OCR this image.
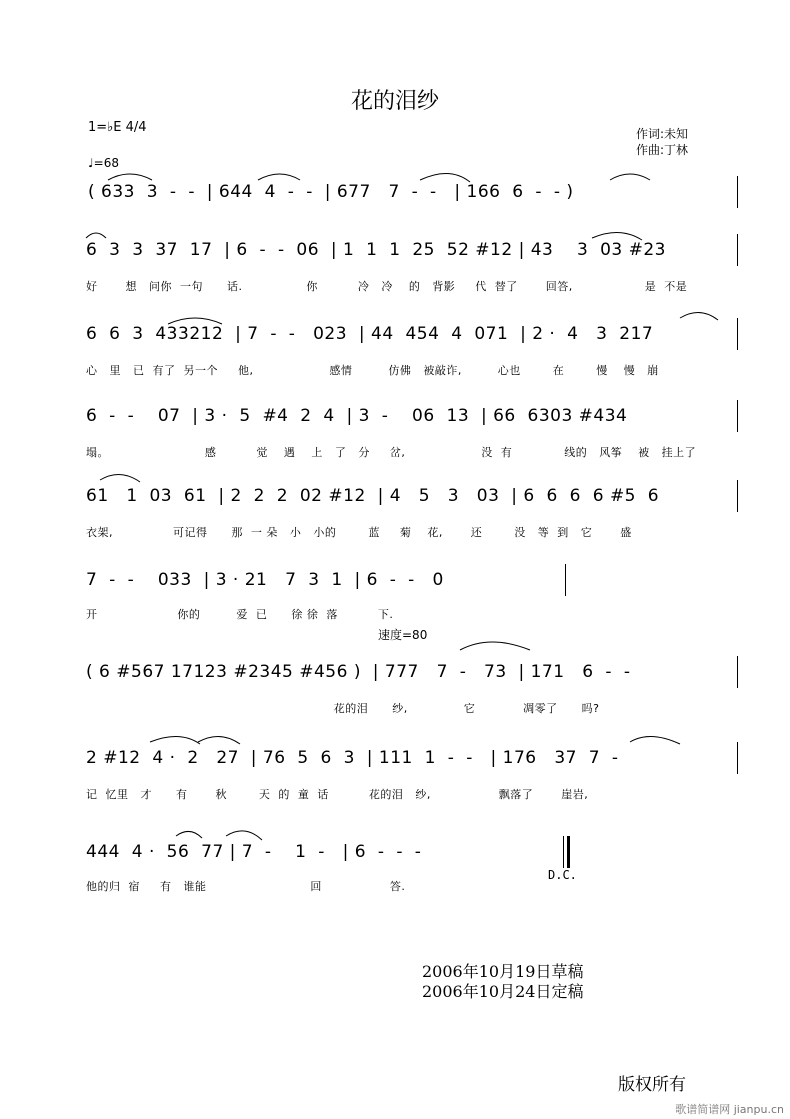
花的泪纱
1=♭E 4/4
♩=68
作词:未知
作曲:丁林
( 633  3  -  -  | 644  4  -  -  | 677   7  -  -   | 166  6  -  - )
6  3  3  37  17  | 6  -  -  06  | 1  1  1  25  52 #12 | 43    3  03 #23
好       想   问你  一句      话.                你          冷   冷    的   背影     代  替了       回答,                  是  不是
6  6  3  433212  | 7  -  -   023  | 44  454  4  071  | 2 ·  4   3  217
心   里   已  有了  另一个     他,                   感情         仿佛   被敲诈,         心也        在        慢    慢   崩
6  -  -    07  | 3 ·  5  #4  2  4  | 3  -    06  13  | 66  6303 #434
塌。                        感          觉    遇    上   了   分     岔,                   没  有             线的   风筝    被   挂上了
61   1  03  61  | 2  2  2  02 #12  | 4   5   3   03  | 6  6  6  6 #5  6
衣架,               可记得      那  一 朵   小   小的        蓝     菊    花,       还        没   等  到   它       盛
7  -  -    033  | 3 · 21   7  3  1  | 6  -  -   0
开                    你的         爱  已      徐 徐  落          下.
速度=80
( 6 #567 17123 #2345 #456 )  | 777   7  -   73  | 171   6  -  -
花的泪      纱,              它            凋零了      吗?
2 #12  4 ·  2   27  | 76  5  6  3  | 111  1  -  -   | 176   37  7  -
记  忆里   才      有       秋        天  的  童  话          花的泪   纱,                 飘落了       崖岩,
444  4 ·  56  77 | 7  -    1  -   | 6  -  -  -
他的归  宿     有   谁能                          回                 答.
D.C.
2006年10月19日草稿
2006年10月24日定稿
版权所有
歌谱简谱网 jianpu.cn
